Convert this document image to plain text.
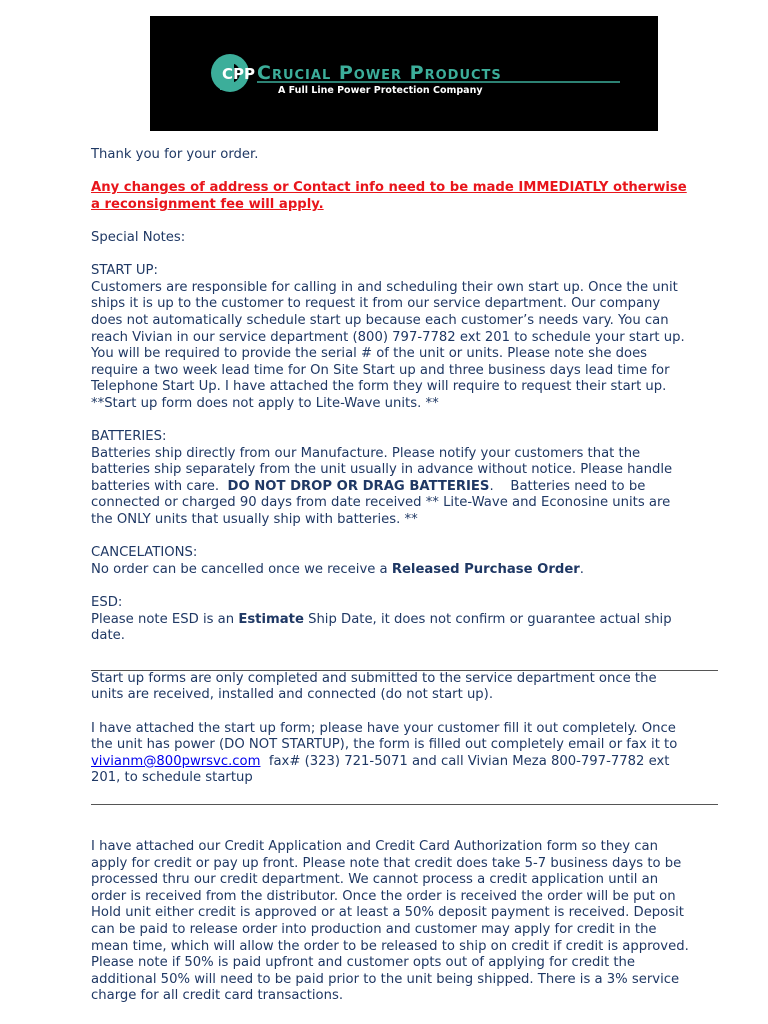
CPP Crucial Power Products
A Full Line Power Protection Company

Thank you for your order.

Any changes of address or Contact info need to be made IMMEDIATLY otherwise

a reconsignment fee will apply.

Special Notes:

START UP:

Customers are responsible for calling in and scheduling their own start up. Once the unit

ships it is up to the customer to request it from our service department. Our company

does not automatically schedule start up because each customer’s needs vary. You can

reach Vivian in our service department (800) 797-7782 ext 201 to schedule your start up.

You will be required to provide the serial # of the unit or units. Please note she does

require a two week lead time for On Site Start up and three business days lead time for

Telephone Start Up. I have attached the form they will require to request their start up.

**Start up form does not apply to Lite-Wave units. **

BATTERIES:

Batteries ship directly from our Manufacture. Please notify your customers that the

batteries ship separately from the unit usually in advance without notice. Please handle

batteries with care.  DO NOT DROP OR DRAG BATTERIES.    Batteries need to be

connected or charged 90 days from date received ** Lite-Wave and Econosine units are

the ONLY units that usually ship with batteries. **

CANCELATIONS:

No order can be cancelled once we receive a Released Purchase Order.

ESD:

Please note ESD is an Estimate Ship Date, it does not confirm or guarantee actual ship

date.

Start up forms are only completed and submitted to the service department once the

units are received, installed and connected (do not start up).

I have attached the start up form; please have your customer fill it out completely. Once

the unit has power (DO NOT STARTUP), the form is filled out completely email or fax it to

vivianm@800pwrsvc.com  fax# (323) 721-5071 and call Vivian Meza 800-797-7782 ext

201, to schedule startup

I have attached our Credit Application and Credit Card Authorization form so they can

apply for credit or pay up front. Please note that credit does take 5-7 business days to be

processed thru our credit department. We cannot process a credit application until an

order is received from the distributor. Once the order is received the order will be put on

Hold unit either credit is approved or at least a 50% deposit payment is received. Deposit

can be paid to release order into production and customer may apply for credit in the

mean time, which will allow the order to be released to ship on credit if credit is approved.

Please note if 50% is paid upfront and customer opts out of applying for credit the

additional 50% will need to be paid prior to the unit being shipped. There is a 3% service

charge for all credit card transactions.
